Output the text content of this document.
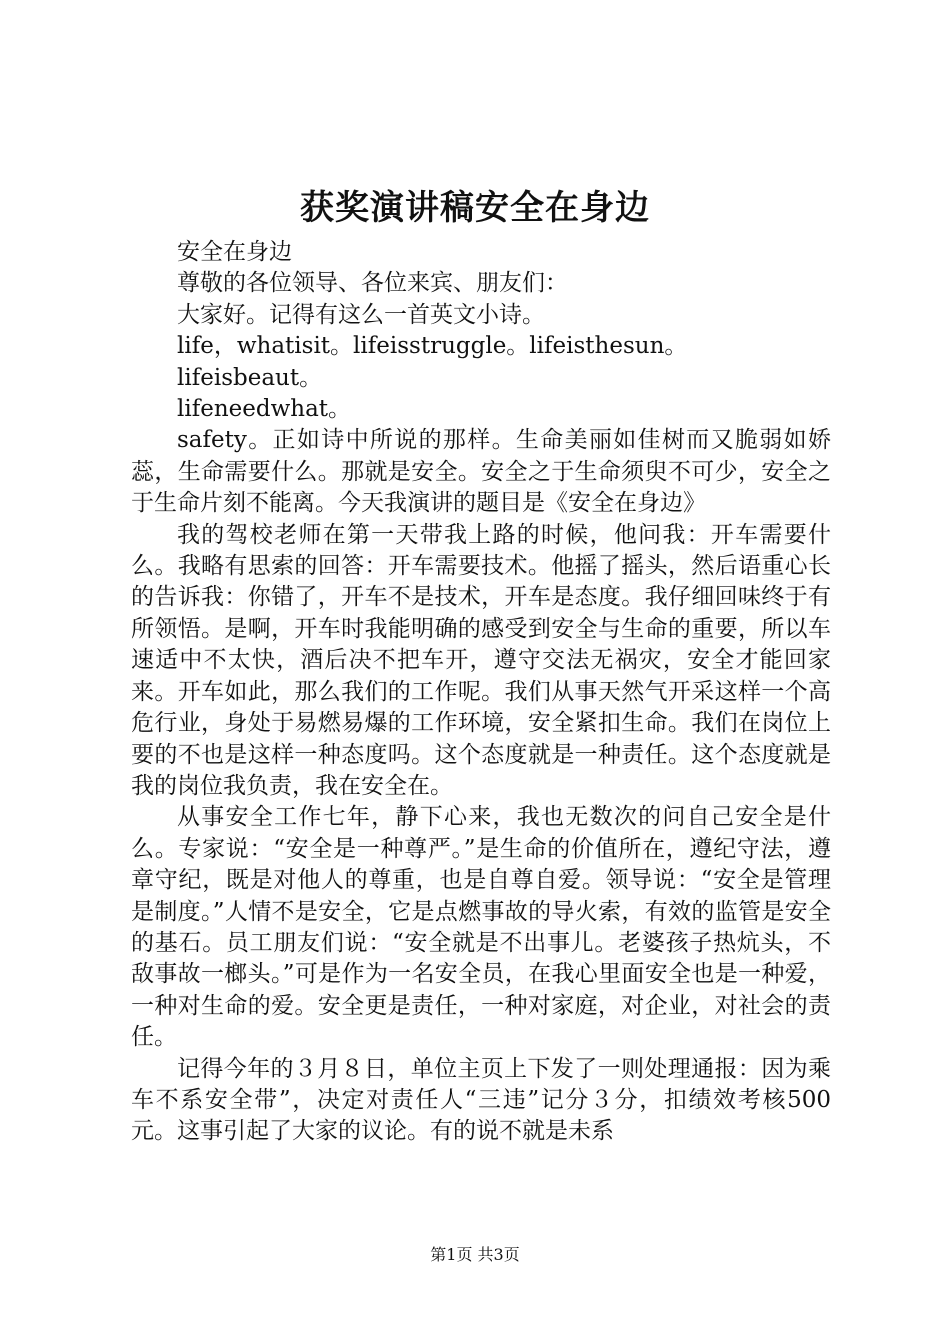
获奖演讲稿安全在身边

安全在身边

尊敬的各位领导、各位来宾、朋友们：

大家好。记得有这么一首英文小诗。

life，whatisit。lifeisstruggle。lifeisthesun。

lifeisbeaut。

lifeneedwhat。

safety。正如诗中所说的那样。生命美丽如佳树而又脆弱如娇蕊，生命需要什么。那就是安全。安全之于生命须臾不可少，安全之于生命片刻不能离。今天我演讲的题目是《安全在身边》

我的驾校老师在第一天带我上路的时候，他问我：开车需要什么。我略有思索的回答：开车需要技术。他摇了摇头，然后语重心长的告诉我：你错了，开车不是技术，开车是态度。我仔细回味终于有所领悟。是啊，开车时我能明确的感受到安全与生命的重要，所以车速适中不太快，酒后决不把车开，遵守交法无祸灾，安全才能回家来。开车如此，那么我们的工作呢。我们从事天然气开采这样一个高危行业，身处于易燃易爆的工作环境，安全紧扣生命。我们在岗位上要的不也是这样一种态度吗。这个态度就是一种责任。这个态度就是我的岗位我负责，我在安全在。

从事安全工作七年，静下心来，我也无数次的问自己安全是什么。专家说：“安全是一种尊严。”是生命的价值所在，遵纪守法，遵章守纪，既是对他人的尊重，也是自尊自爱。领导说：“安全是管理是制度。”人情不是安全，它是点燃事故的导火索，有效的监管是安全的基石。员工朋友们说：“安全就是不出事儿。老婆孩子热炕头，不敌事故一榔头。”可是作为一名安全员，在我心里面安全也是一种爱，一种对生命的爱。安全更是责任，一种对家庭，对企业，对社会的责任。

记得今年的３月８日，单位主页上下发了一则处理通报：因为乘车不系安全带”，决定对责任人“三违”记分３分，扣绩效考核500元。这事引起了大家的议论。有的说不就是未系

第1页 共3页
